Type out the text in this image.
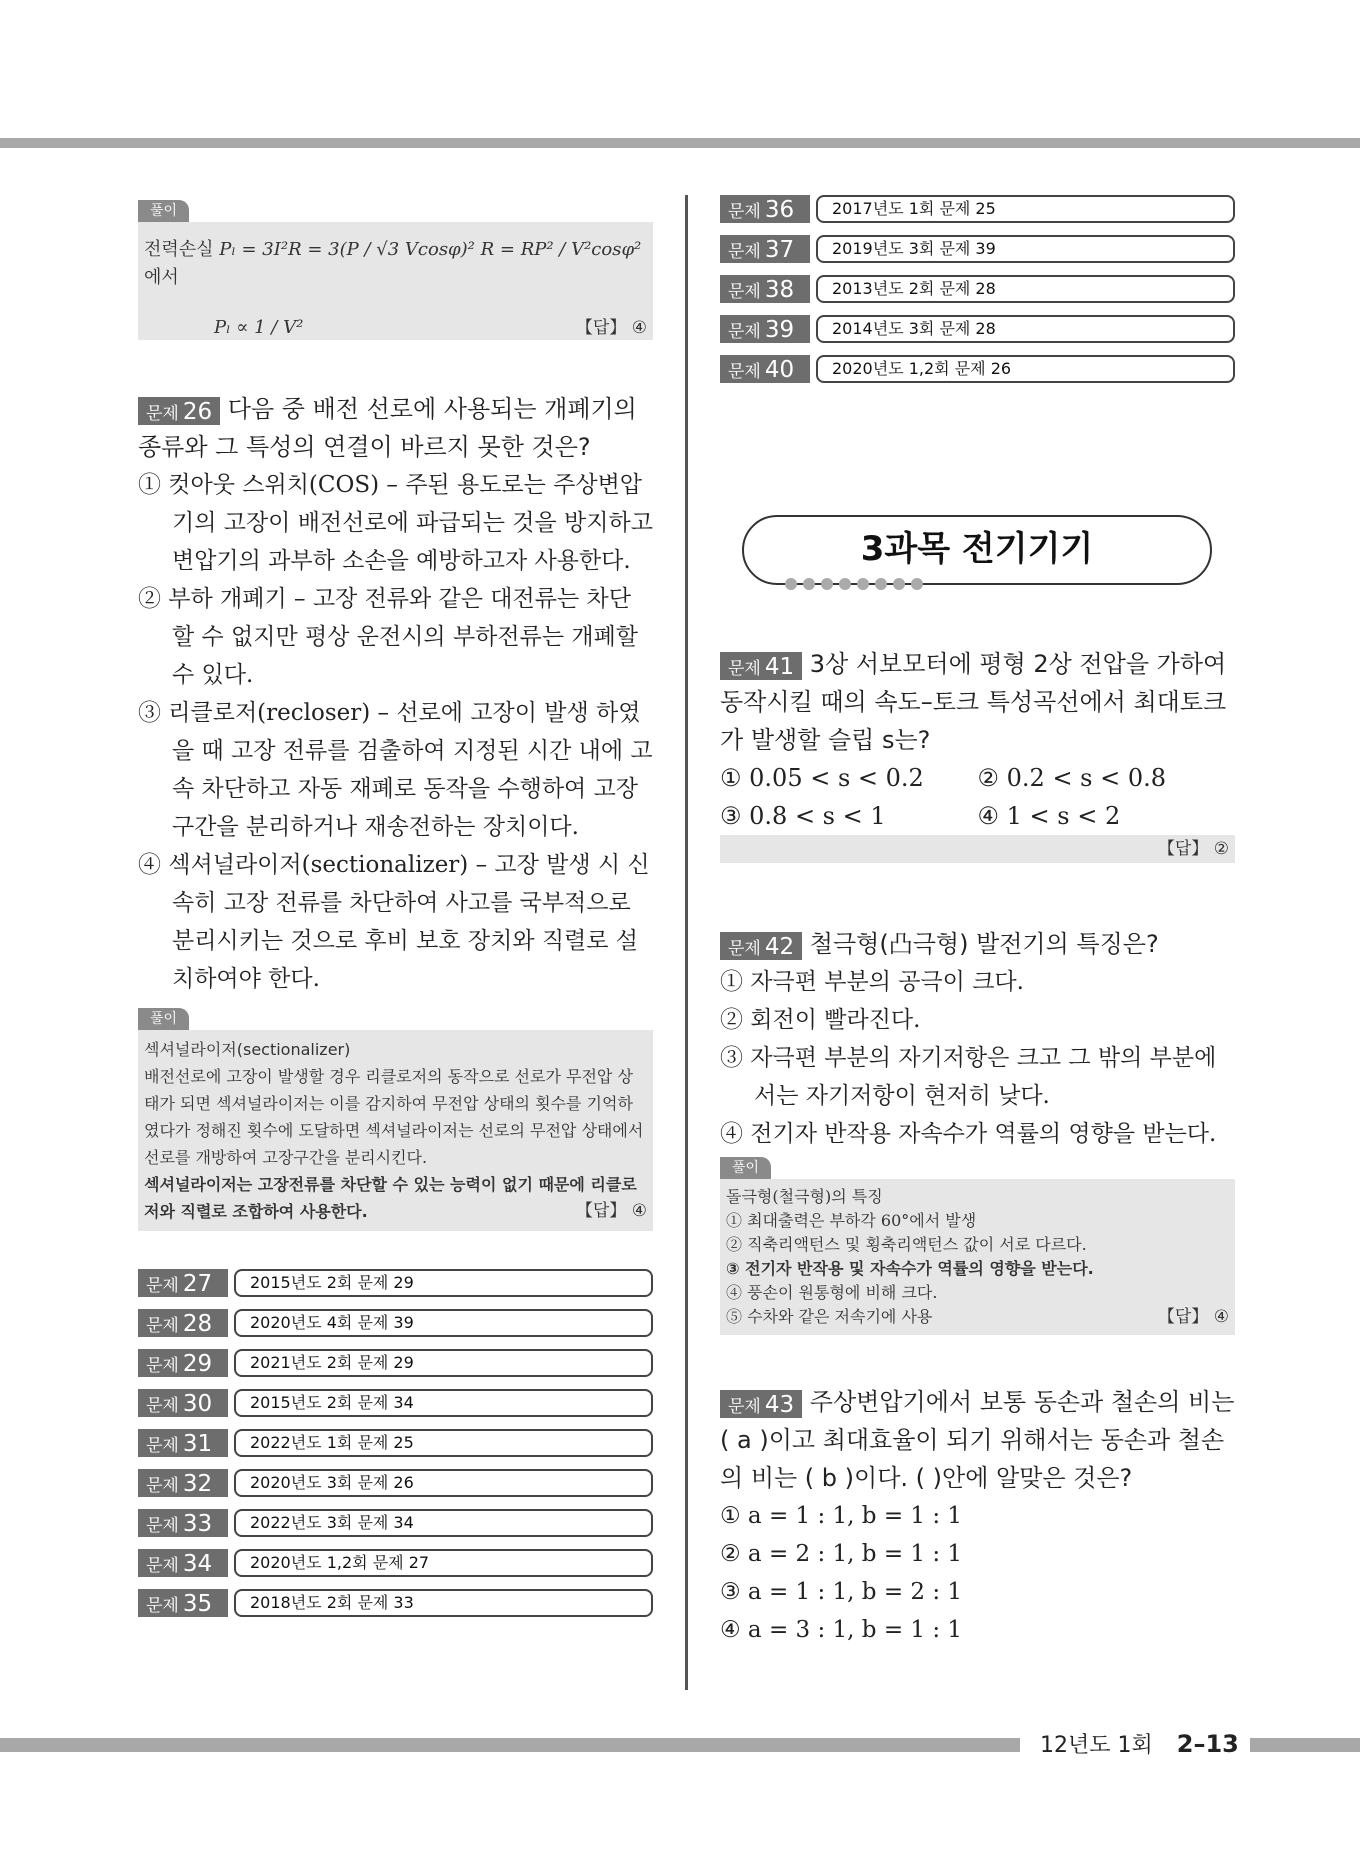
풀이
전력손실 Pₗ = 3I²R = 3(P / √3 Vcosφ)² R = RP² / V²cosφ² 에서
Pₗ ∝ 1 / V²	【답】 ④
문제 26 다음 중 배전 선로에 사용되는 개폐기의 종류와 그 특성의 연결이 바르지 못한 것은?
① 컷아웃 스위치(COS) – 주된 용도로는 주상변압기의 고장이 배전선로에 파급되는 것을 방지하고 변압기의 과부하 소손을 예방하고자 사용한다.
② 부하 개폐기 – 고장 전류와 같은 대전류는 차단할 수 없지만 평상 운전시의 부하전류는 개폐할 수 있다.
③ 리클로저(recloser) – 선로에 고장이 발생 하였을 때 고장 전류를 검출하여 지정된 시간 내에 고속 차단하고 자동 재폐로 동작을 수행하여 고장 구간을 분리하거나 재송전하는 장치이다.
④ 섹셔널라이저(sectionalizer) – 고장 발생 시 신속히 고장 전류를 차단하여 사고를 국부적으로 분리시키는 것으로 후비 보호 장치와 직렬로 설치하여야 한다.
풀이
섹셔널라이저(sectionalizer)
배전선로에 고장이 발생할 경우 리클로저의 동작으로 선로가 무전압 상태가 되면 섹셔널라이저는 이를 감지하여 무전압 상태의 횟수를 기억하였다가 정해진 횟수에 도달하면 섹셔널라이저는 선로의 무전압 상태에서 선로를 개방하여 고장구간을 분리시킨다.
섹셔널라이저는 고장전류를 차단할 수 있는 능력이 없기 때문에 리클로저와 직렬로 조합하여 사용한다.	【답】 ④
문제 27	2015년도 2회 문제 29
문제 28	2020년도 4회 문제 39
문제 29	2021년도 2회 문제 29
문제 30	2015년도 2회 문제 34
문제 31	2022년도 1회 문제 25
문제 32	2020년도 3회 문제 26
문제 33	2022년도 3회 문제 34
문제 34	2020년도 1,2회 문제 27
문제 35	2018년도 2회 문제 33
문제 36	2017년도 1회 문제 25
문제 37	2019년도 3회 문제 39
문제 38	2013년도 2회 문제 28
문제 39	2014년도 3회 문제 28
문제 40	2020년도 1,2회 문제 26
3과목 전기기기
문제 41 3상 서보모터에 평형 2상 전압을 가하여 동작시킬 때의 속도–토크 특성곡선에서 최대토크가 발생할 슬립 s는?
① 0.05 < s < 0.2	② 0.2 < s < 0.8
③ 0.8 < s < 1	④ 1 < s < 2
【답】 ②
문제 42 철극형(凸극형) 발전기의 특징은?
① 자극편 부분의 공극이 크다.
② 회전이 빨라진다.
③ 자극편 부분의 자기저항은 크고 그 밖의 부분에서는 자기저항이 현저히 낮다.
④ 전기자 반작용 자속수가 역률의 영향을 받는다.
풀이
돌극형(철극형)의 특징
① 최대출력은 부하각 60°에서 발생
② 직축리액턴스 및 횡축리액턴스 값이 서로 다르다.
③ 전기자 반작용 및 자속수가 역률의 영향을 받는다.
④ 풍손이 원통형에 비해 크다.
⑤ 수차와 같은 저속기에 사용	【답】 ④
문제 43 주상변압기에서 보통 동손과 철손의 비는 ( a )이고 최대효율이 되기 위해서는 동손과 철손의 비는 ( b )이다. ( )안에 알맞은 것은?
① a = 1 : 1, b = 1 : 1
② a = 2 : 1, b = 1 : 1
③ a = 1 : 1, b = 2 : 1
④ a = 3 : 1, b = 1 : 1
12년도 1회 2–13
